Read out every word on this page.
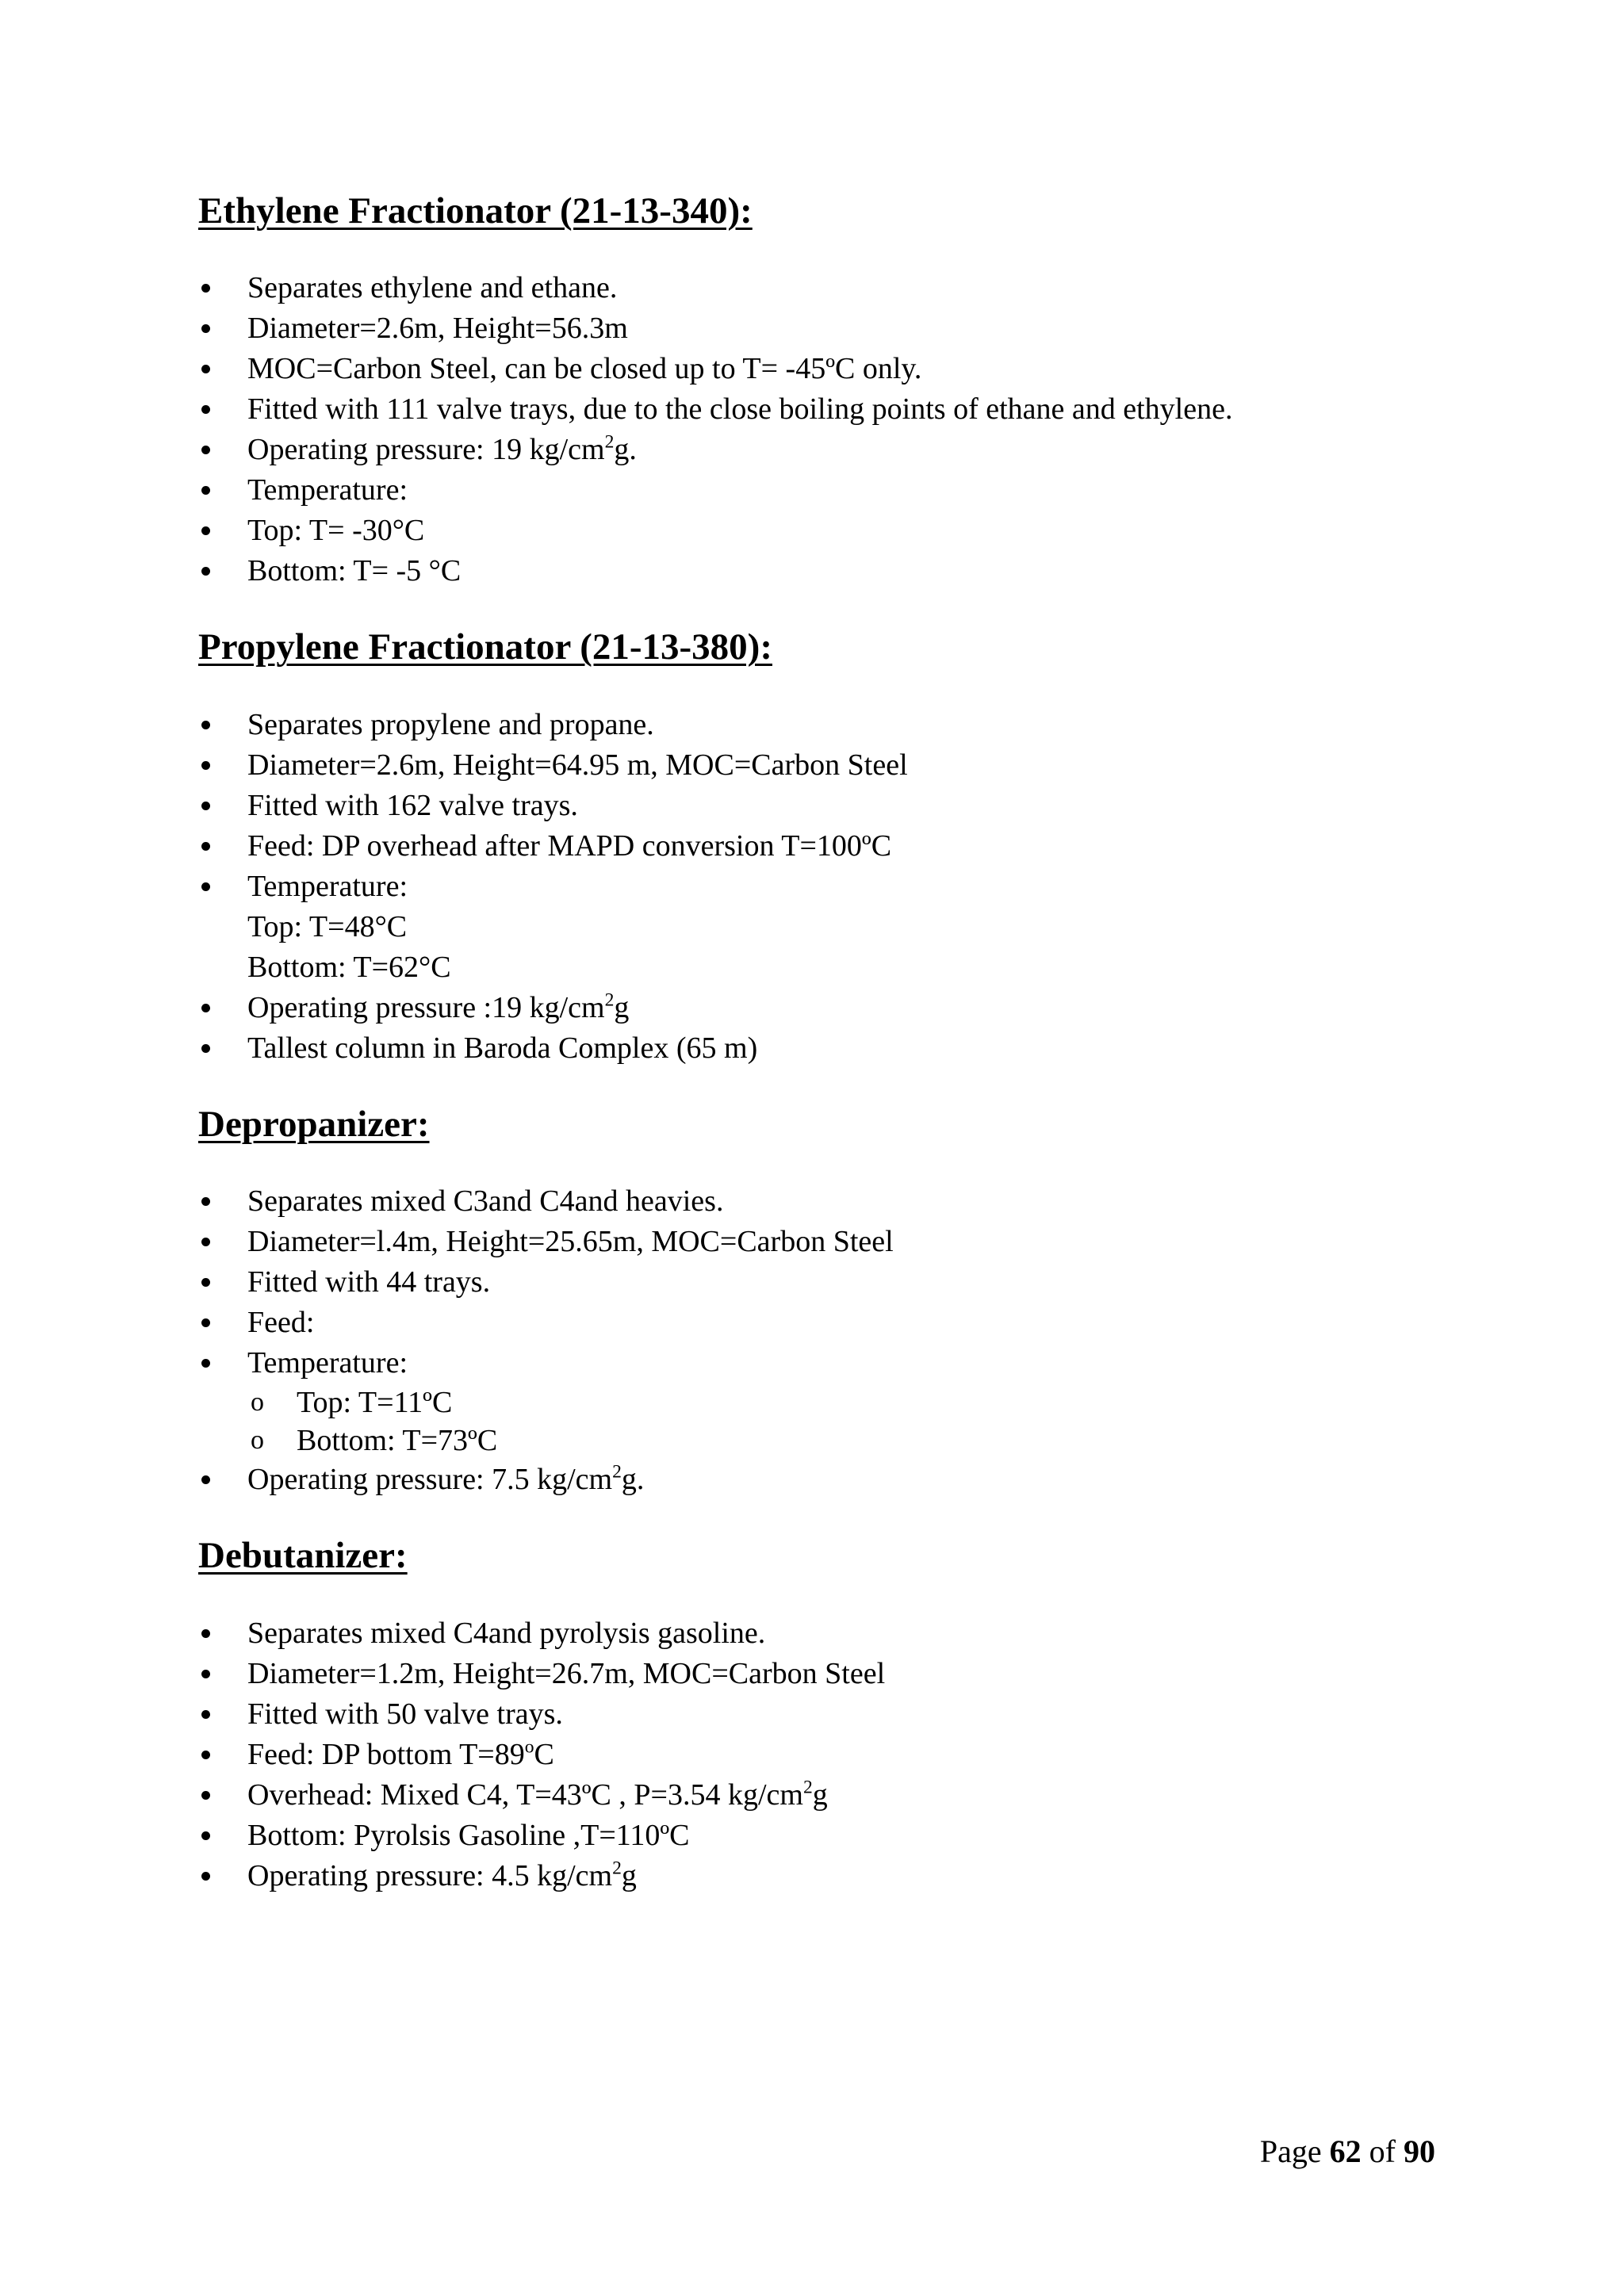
Ethylene Fractionator (21-13-340):
Separates ethylene and ethane.
Diameter=2.6m, Height=56.3m
MOC=Carbon Steel, can be closed up to T= -45ºC only.
Fitted with 111 valve trays, due to the close boiling points of ethane and ethylene.
Operating pressure: 19 $kg/cm^2g$.
Temperature:
Top: T= -30°C
Bottom: T= -5 °C
Propylene Fractionator (21-13-380):
Separates propylene and propane.
Diameter=2.6m, Height=64.95 m, MOC=Carbon Steel
Fitted with 162 valve trays.
Feed: DP overhead after MAPD conversion T=100ºC
Temperature:
Top: T=48°C
Bottom: T=62°C
Operating pressure :19 $kg/cm^2g$
Tallest column in Baroda Complex (65 m)
Depropanizer:
Separates mixed C3and C4and heavies.
Diameter=l.4m, Height=25.65m, MOC=Carbon Steel
Fitted with 44 trays.
Feed:
Temperature:
o Top: T=11ºC
o Bottom: T=73ºC
Operating pressure: 7.5 $kg/cm^2g$.
Debutanizer:
Separates mixed C4and pyrolysis gasoline.
Diameter=1.2m, Height=26.7m, MOC=Carbon Steel
Fitted with 50 valve trays.
Feed: DP bottom $T=89^oC$
Overhead: Mixed C4, T=43ºC , P=3.54 $kg/cm^2g$
Bottom: Pyrolsis Gasoline ,T=110ºC
Operating pressure: 4.5 $kg/cm^2g$
Page 62 of 90
